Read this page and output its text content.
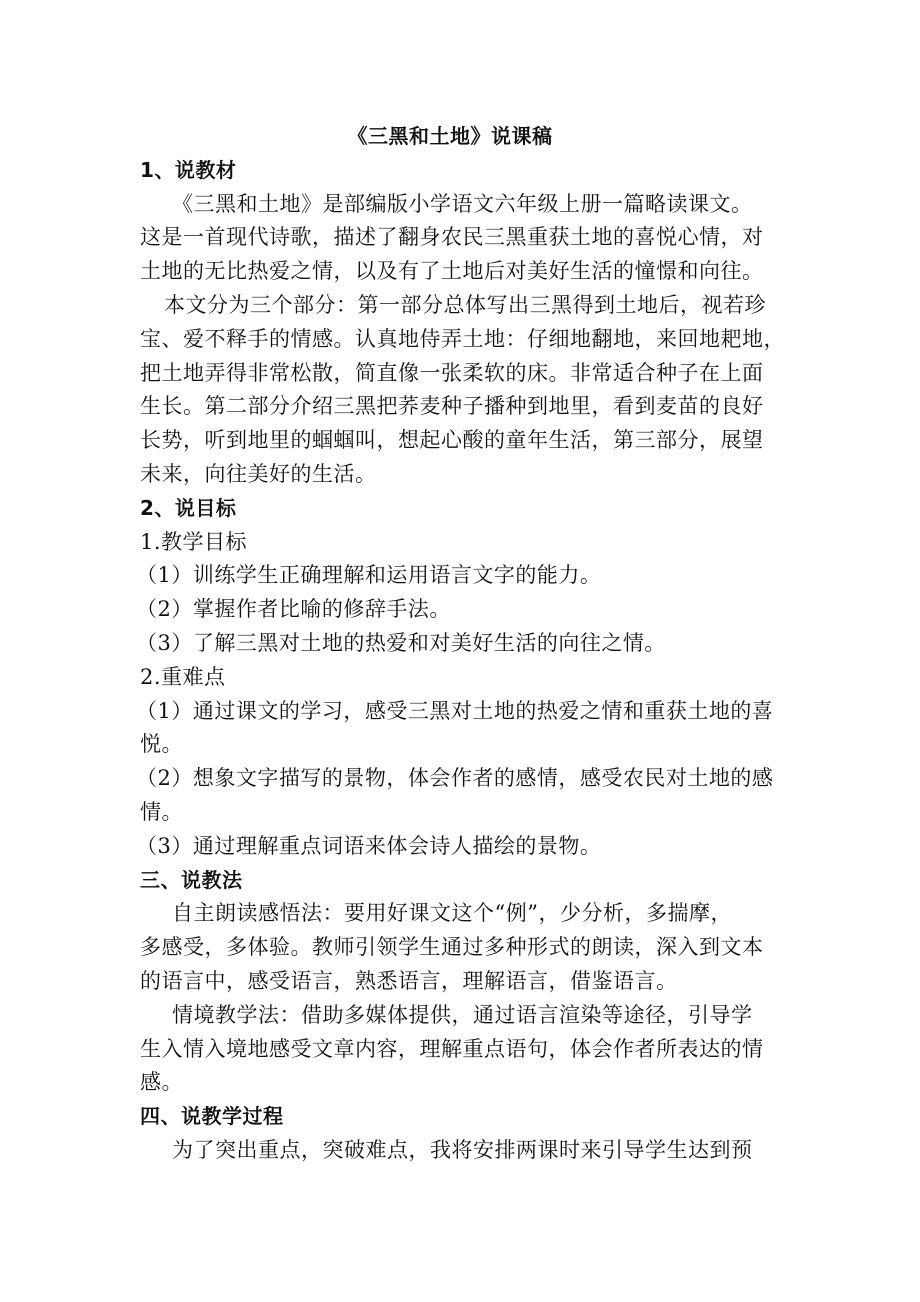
《三黑和土地》说课稿
1、说教材
《三黑和土地》是部编版小学语文六年级上册一篇略读课文。
这是一首现代诗歌，描述了翻身农民三黑重获土地的喜悦心情，对
土地的无比热爱之情，以及有了土地后对美好生活的憧憬和向往。
本文分为三个部分：第一部分总体写出三黑得到土地后，视若珍
宝、爱不释手的情感。认真地侍弄土地：仔细地翻地，来回地耙地，
把土地弄得非常松散，简直像一张柔软的床。非常适合种子在上面
生长。第二部分介绍三黑把荞麦种子播种到地里，看到麦苗的良好
长势，听到地里的蝈蝈叫，想起心酸的童年生活，第三部分，展望
未来，向往美好的生活。
2、说目标
1.教学目标
（1）训练学生正确理解和运用语言文字的能力。
（2）掌握作者比喻的修辞手法。
（3）了解三黑对土地的热爱和对美好生活的向往之情。
2.重难点
（1）通过课文的学习，感受三黑对土地的热爱之情和重获土地的喜
悦。
（2）想象文字描写的景物，体会作者的感情，感受农民对土地的感
情。
（3）通过理解重点词语来体会诗人描绘的景物。
三、说教法
自主朗读感悟法：要用好课文这个“例”，少分析，多揣摩，
多感受，多体验。教师引领学生通过多种形式的朗读，深入到文本
的语言中，感受语言，熟悉语言，理解语言，借鉴语言。
情境教学法：借助多媒体提供，通过语言渲染等途径，引导学
生入情入境地感受文章内容，理解重点语句，体会作者所表达的情
感。
四、说教学过程
为了突出重点，突破难点，我将安排两课时来引导学生达到预
